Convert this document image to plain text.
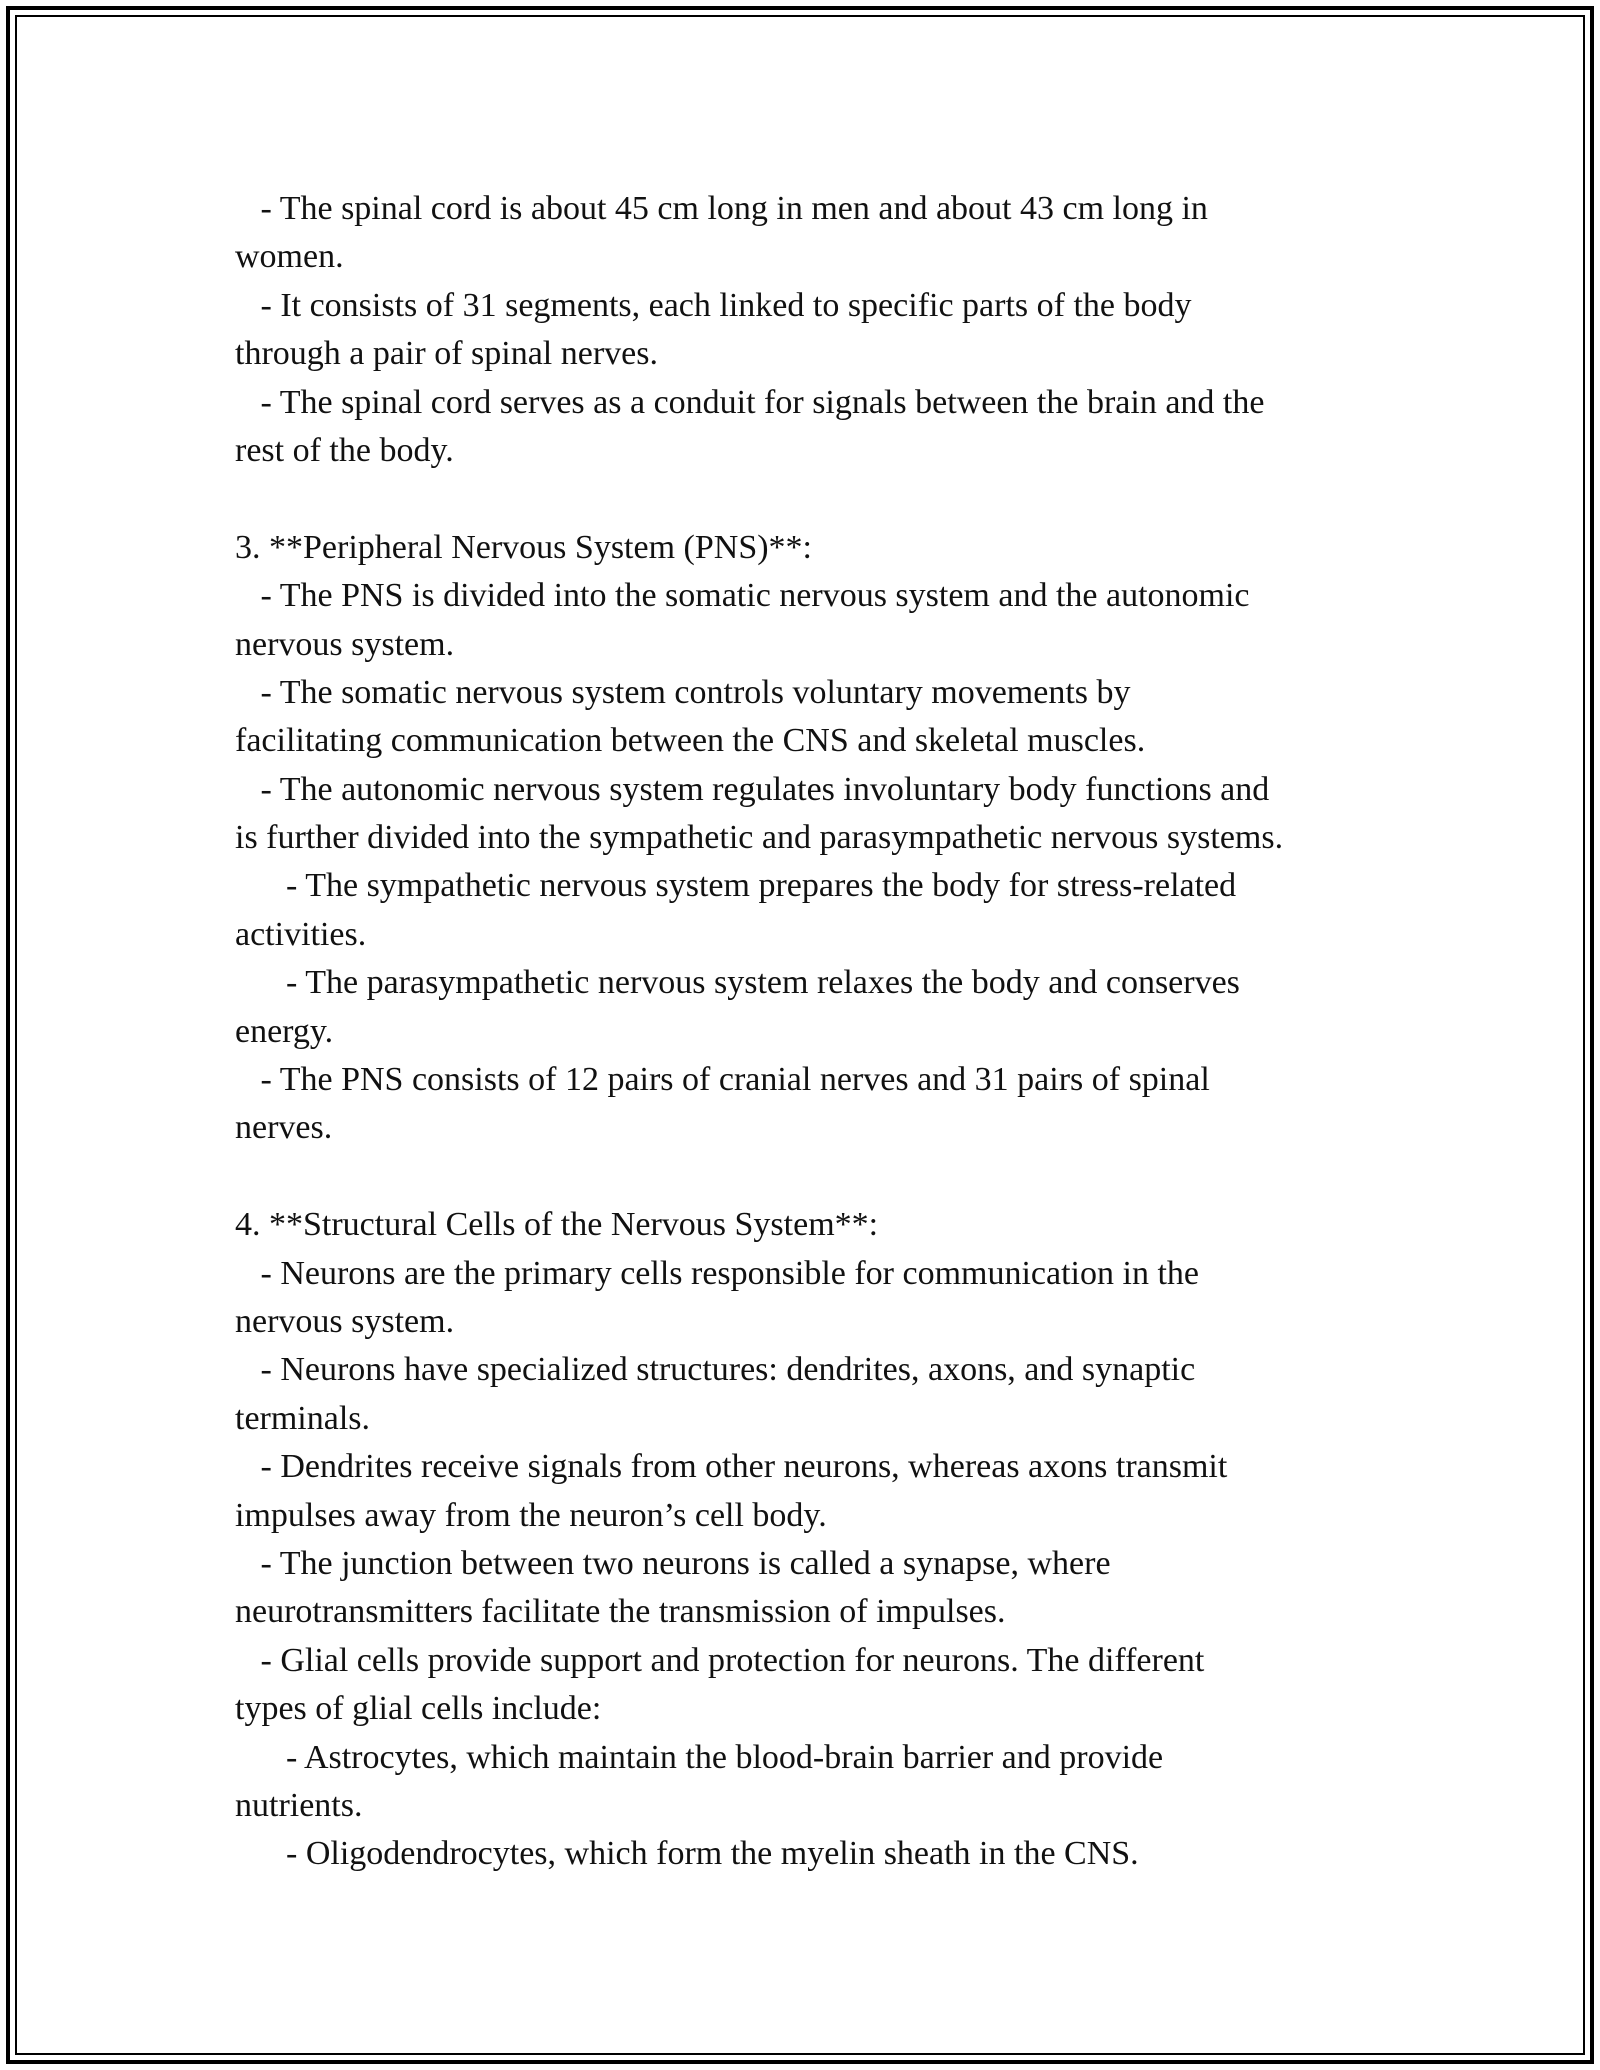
- The spinal cord is about 45 cm long in men and about 43 cm long in
women.
- It consists of 31 segments, each linked to specific parts of the body
through a pair of spinal nerves.
- The spinal cord serves as a conduit for signals between the brain and the
rest of the body.
3. **Peripheral Nervous System (PNS)**:
- The PNS is divided into the somatic nervous system and the autonomic
nervous system.
- The somatic nervous system controls voluntary movements by
facilitating communication between the CNS and skeletal muscles.
- The autonomic nervous system regulates involuntary body functions and
is further divided into the sympathetic and parasympathetic nervous systems.
- The sympathetic nervous system prepares the body for stress-related
activities.
- The parasympathetic nervous system relaxes the body and conserves
energy.
- The PNS consists of 12 pairs of cranial nerves and 31 pairs of spinal
nerves.
4. **Structural Cells of the Nervous System**:
- Neurons are the primary cells responsible for communication in the
nervous system.
- Neurons have specialized structures: dendrites, axons, and synaptic
terminals.
- Dendrites receive signals from other neurons, whereas axons transmit
impulses away from the neuron’s cell body.
- The junction between two neurons is called a synapse, where
neurotransmitters facilitate the transmission of impulses.
- Glial cells provide support and protection for neurons. The different
types of glial cells include:
- Astrocytes, which maintain the blood-brain barrier and provide
nutrients.
- Oligodendrocytes, which form the myelin sheath in the CNS.
